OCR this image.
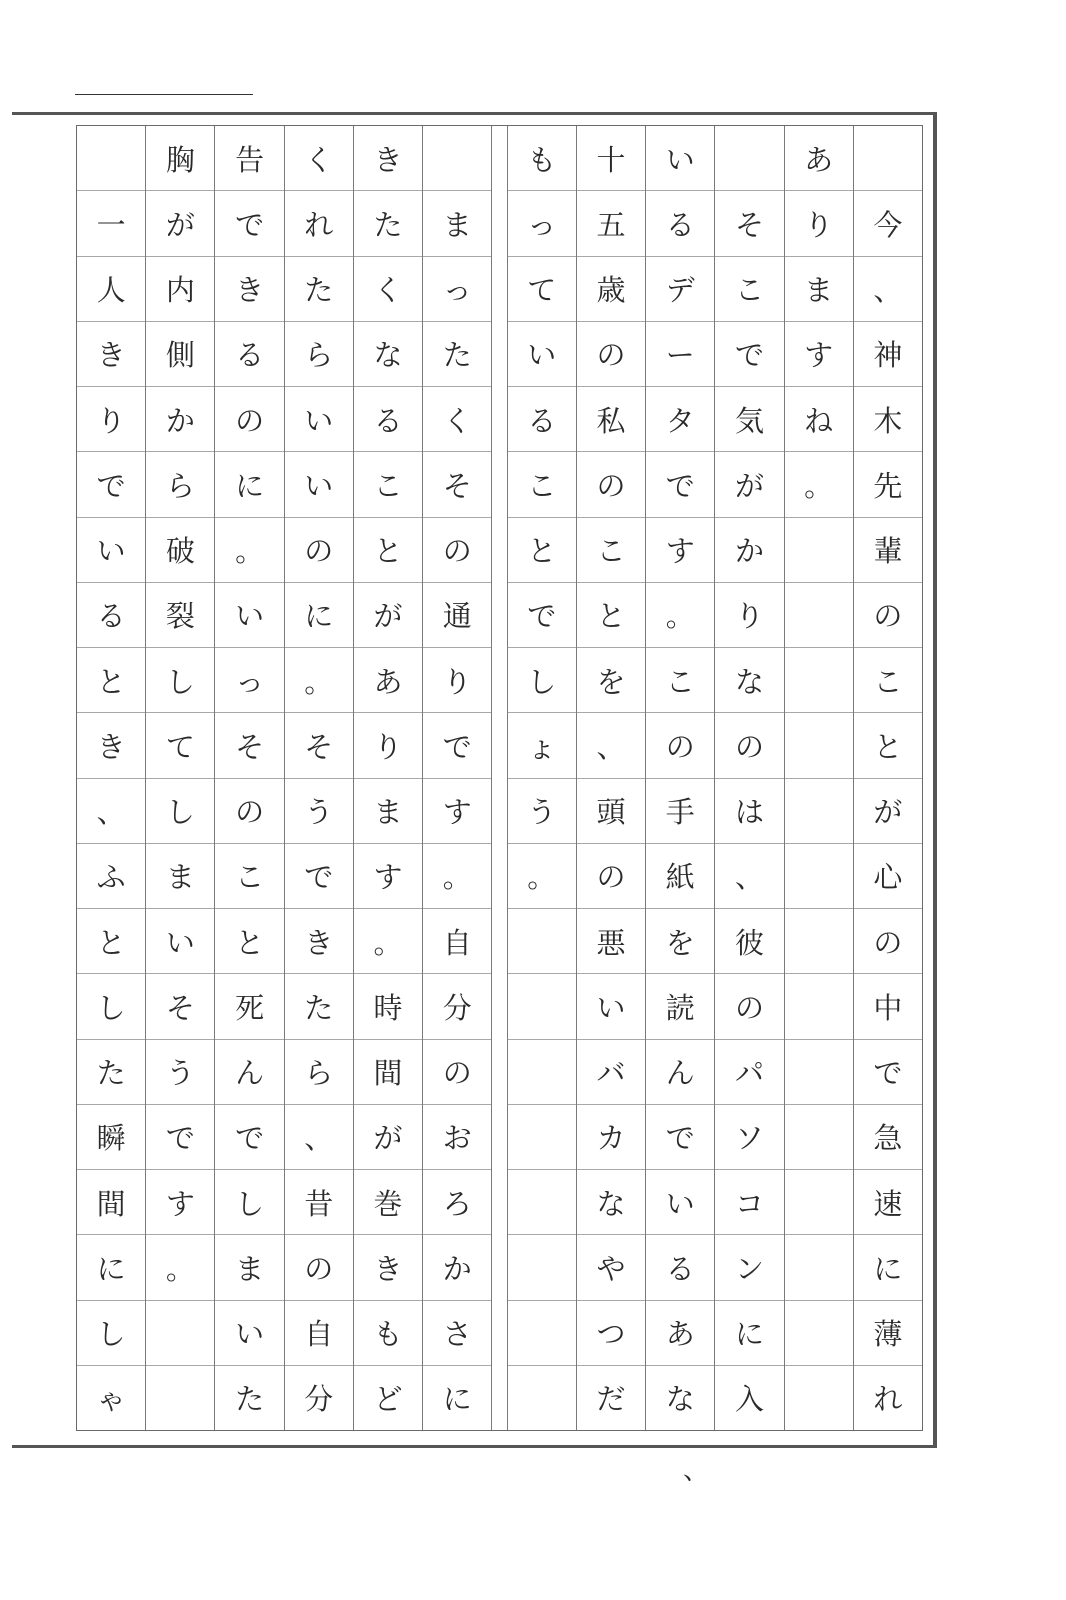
今
、
神
木
先
輩
の
こ
と
が
心
の
中
で
急
速
に
薄
れ
あ
り
ま
す
ね
。
そ
こ
で
気
が
か
り
な
の
は
、
彼
の
パ
ソ
コ
ン
に
入
い
る
デ
ー
タ
で
す
。
こ
の
手
紙
を
読
ん
で
い
る
あ
な
十
五
歳
の
私
の
こ
と
を
、
頭
の
悪
い
バ
カ
な
や
つ
だ
も
っ
て
い
る
こ
と
で
し
ょ
う
。
ま
っ
た
く
そ
の
通
り
で
す
。
自
分
の
お
ろ
か
さ
に
き
た
く
な
る
こ
と
が
あ
り
ま
す
。
時
間
が
巻
き
も
ど
く
れ
た
ら
い
い
の
に
。
そ
う
で
き
た
ら
、
昔
の
自
分
告
で
き
る
の
に
。
い
っ
そ
の
こ
と
死
ん
で
し
ま
い
た
胸
が
内
側
か
ら
破
裂
し
て
し
ま
い
そ
う
で
す
。
一
人
き
り
で
い
る
と
き
、
ふ
と
し
た
瞬
間
に
し
ゃ
、
